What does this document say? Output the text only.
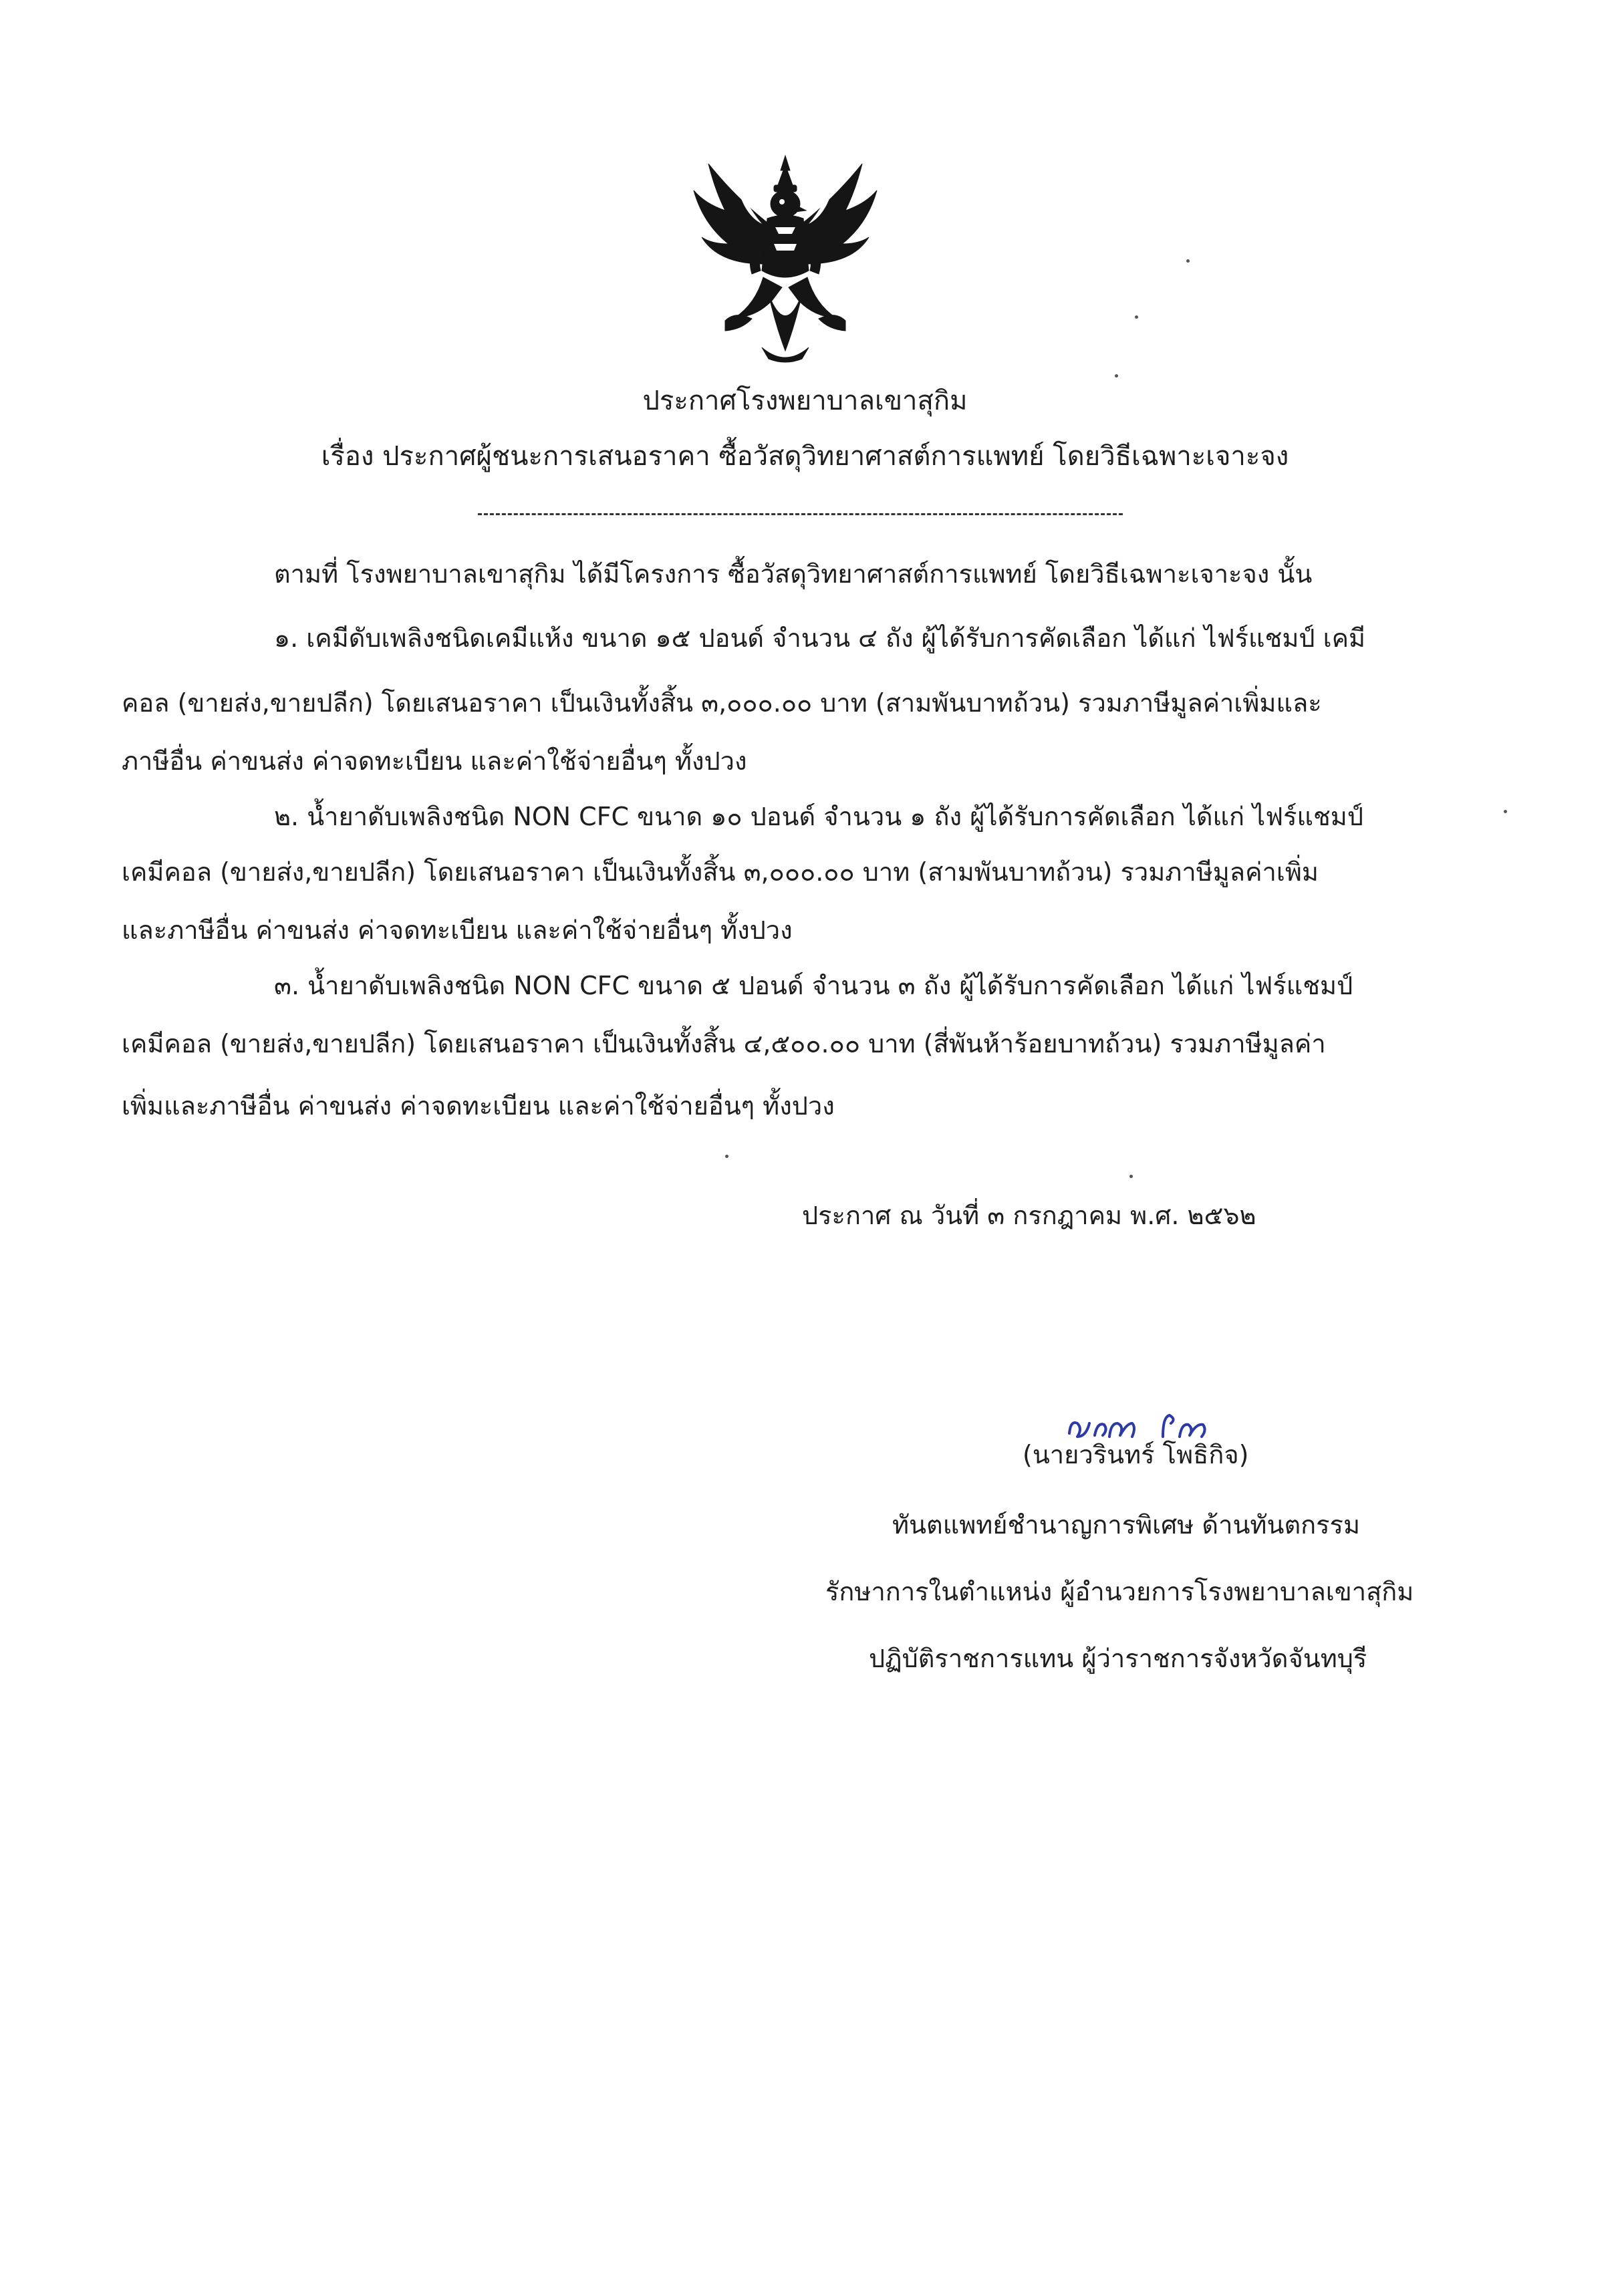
ประกาศโรงพยาบาลเขาสุกิม
เรื่อง ประกาศผู้ชนะการเสนอราคา ซื้อวัสดุวิทยาศาสต์การแพทย์ โดยวิธีเฉพาะเจาะจง
ตามที่ โรงพยาบาลเขาสุกิม ได้มีโครงการ ซื้อวัสดุวิทยาศาสต์การแพทย์ โดยวิธีเฉพาะเจาะจง นั้น
๑. เคมีดับเพลิงชนิดเคมีแห้ง ขนาด ๑๕ ปอนด์ จำนวน ๔ ถัง ผู้ได้รับการคัดเลือก ได้แก่ ไฟร์แชมป์ เคมี
คอล (ขายส่ง,ขายปลีก) โดยเสนอราคา เป็นเงินทั้งสิ้น ๓,๐๐๐.๐๐ บาท (สามพันบาทถ้วน) รวมภาษีมูลค่าเพิ่มและ
ภาษีอื่น ค่าขนส่ง ค่าจดทะเบียน และค่าใช้จ่ายอื่นๆ ทั้งปวง
๒. น้ำยาดับเพลิงชนิด NON CFC ขนาด ๑๐ ปอนด์ จำนวน ๑ ถัง ผู้ได้รับการคัดเลือก ได้แก่ ไฟร์แชมป์
เคมีคอล (ขายส่ง,ขายปลีก) โดยเสนอราคา เป็นเงินทั้งสิ้น ๓,๐๐๐.๐๐ บาท (สามพันบาทถ้วน) รวมภาษีมูลค่าเพิ่ม
และภาษีอื่น ค่าขนส่ง ค่าจดทะเบียน และค่าใช้จ่ายอื่นๆ ทั้งปวง
๓. น้ำยาดับเพลิงชนิด NON CFC ขนาด ๕ ปอนด์ จำนวน ๓ ถัง ผู้ได้รับการคัดเลือก ได้แก่ ไฟร์แชมป์
เคมีคอล (ขายส่ง,ขายปลีก) โดยเสนอราคา เป็นเงินทั้งสิ้น ๔,๕๐๐.๐๐ บาท (สี่พันห้าร้อยบาทถ้วน) รวมภาษีมูลค่า
เพิ่มและภาษีอื่น ค่าขนส่ง ค่าจดทะเบียน และค่าใช้จ่ายอื่นๆ ทั้งปวง
ประกาศ ณ วันที่ ๓ กรกฎาคม พ.ศ. ๒๕๖๒
(นายวรินทร์ โพธิกิจ)
ทันตแพทย์ชำนาญการพิเศษ ด้านทันตกรรม
รักษาการในตำแหน่ง ผู้อำนวยการโรงพยาบาลเขาสุกิม
ปฏิบัติราชการแทน ผู้ว่าราชการจังหวัดจันทบุรี
